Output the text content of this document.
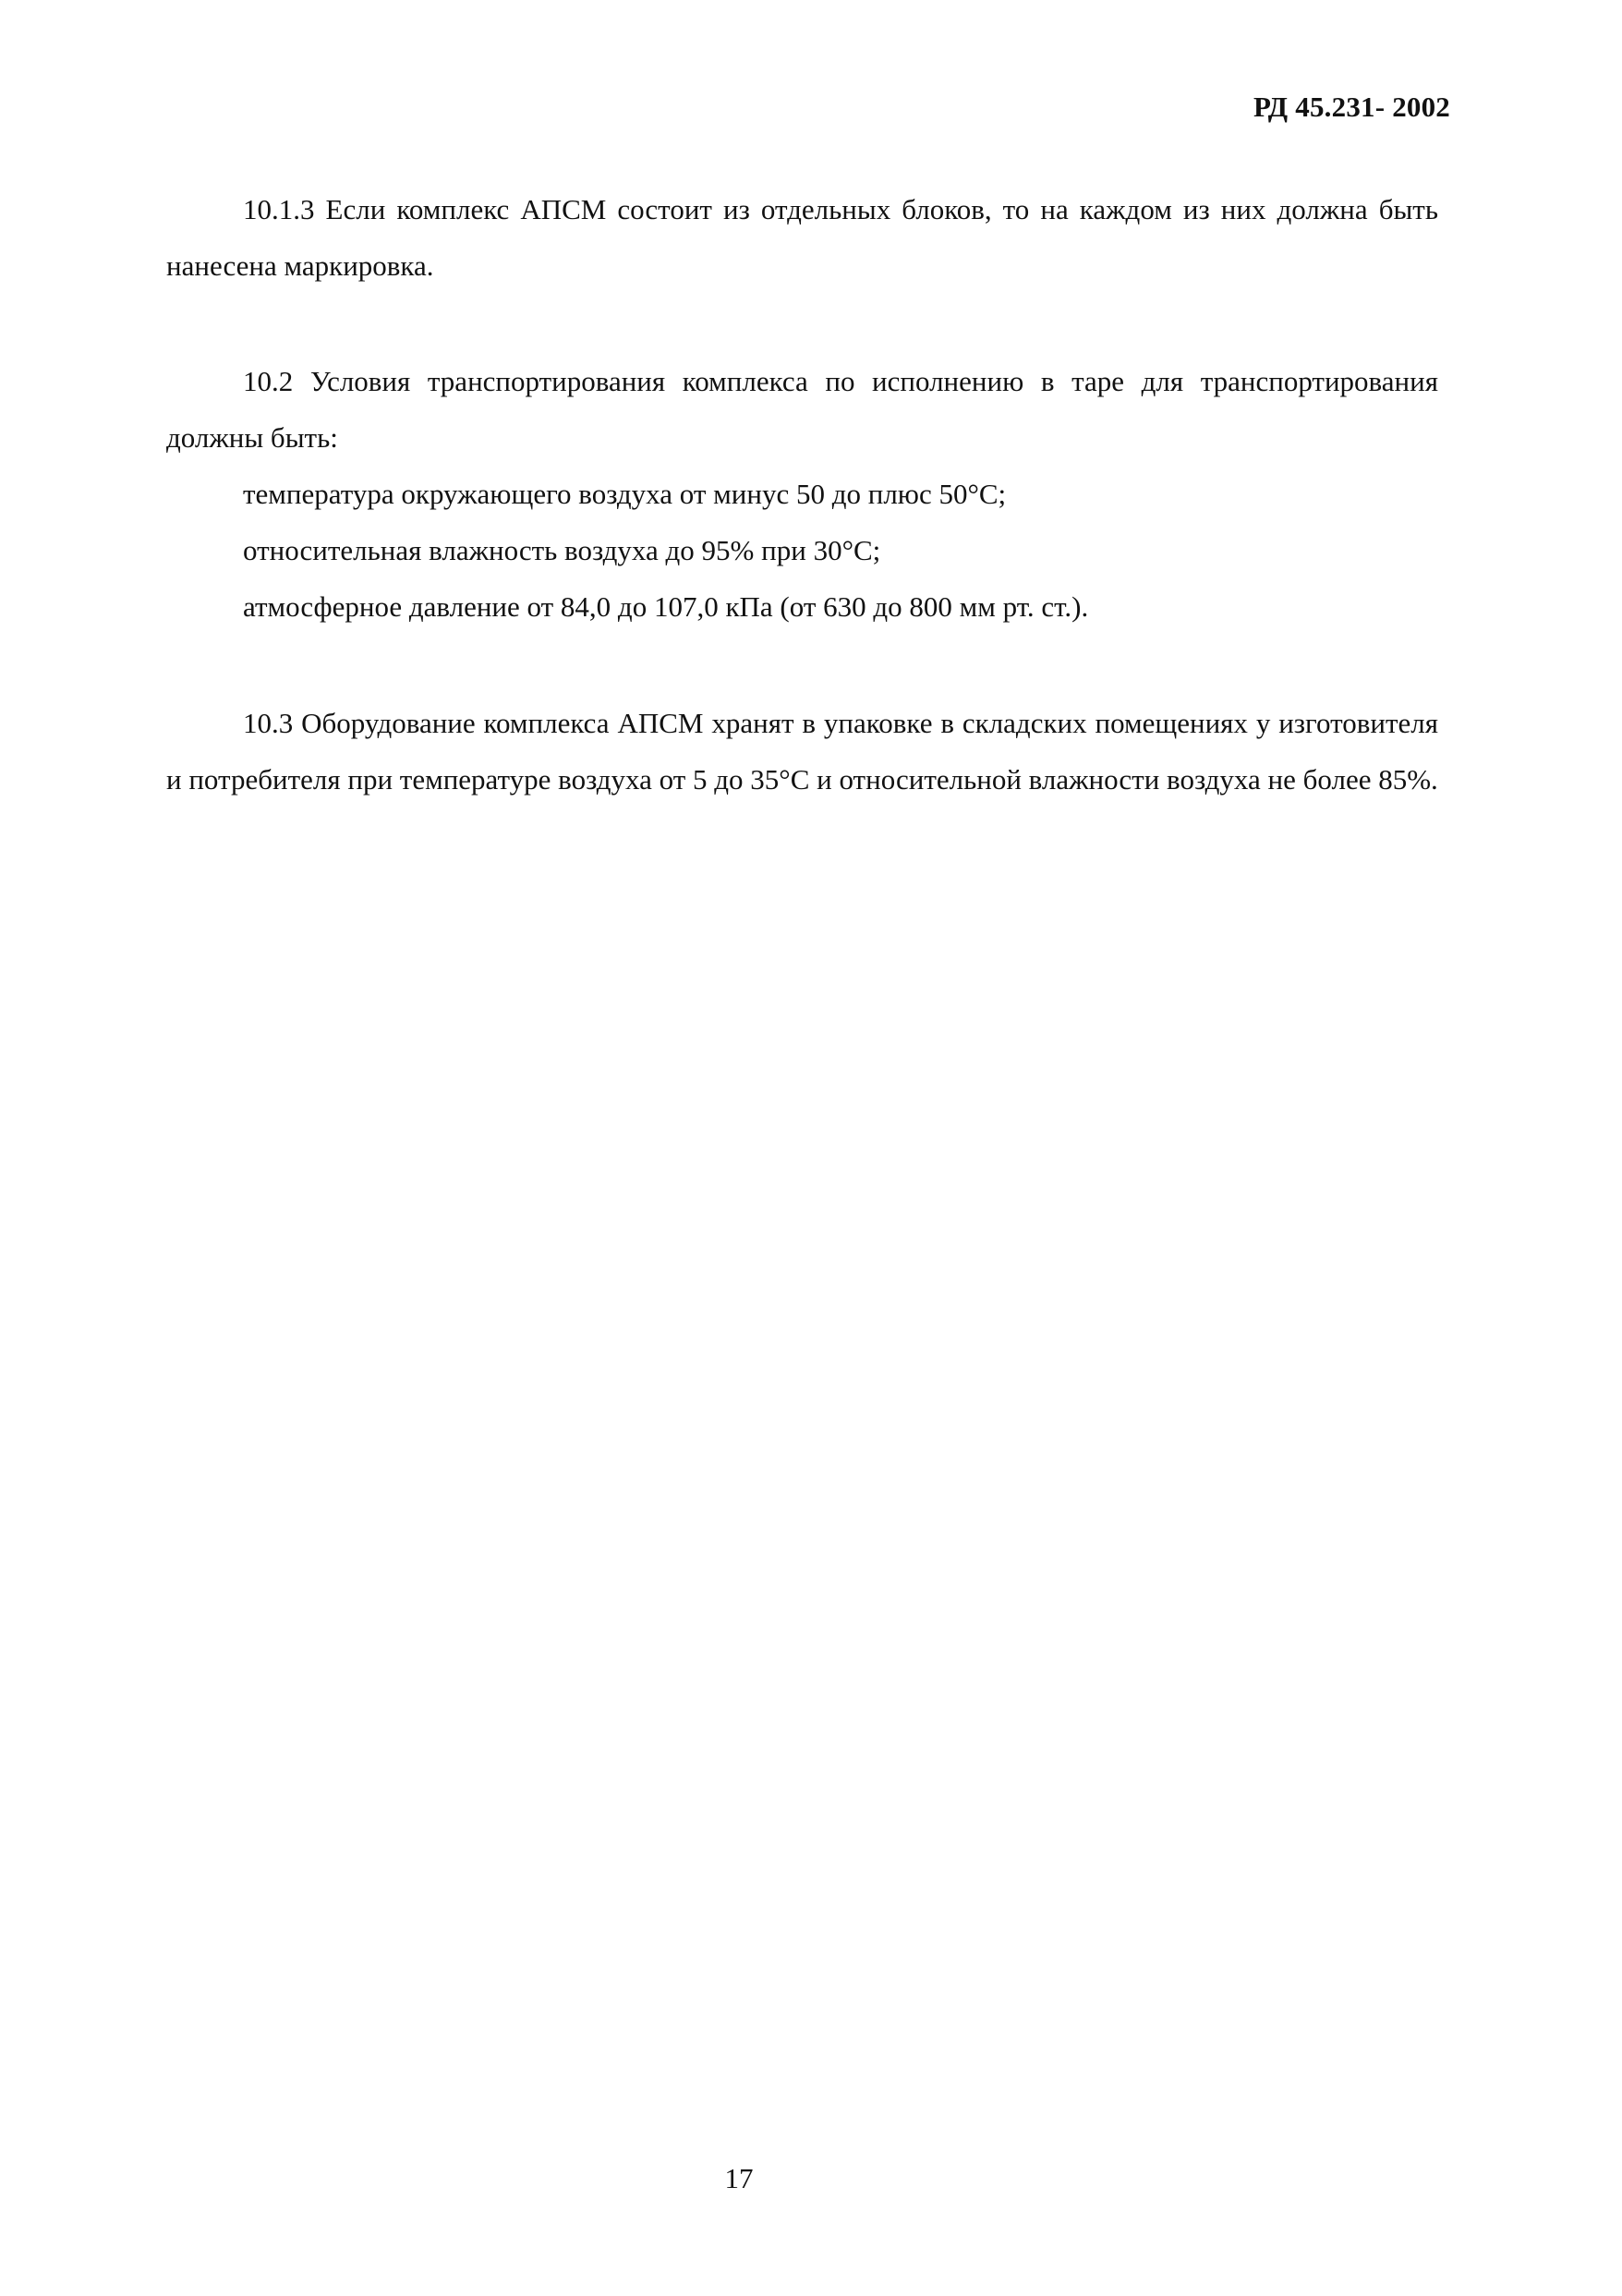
РД 45.231- 2002

10.1.3 Если комплекс АПСМ состоит из отдельных блоков, то на каждом из них должна быть нанесена маркировка.

10.2 Условия транспортирования комплекса по исполнению в таре для транспортирования должны быть:

температура окружающего воздуха от минус 50 до плюс 50°С;

относительная влажность воздуха до 95% при 30°С;

атмосферное давление от 84,0 до 107,0 кПа (от 630 до 800 мм рт. ст.).

10.3 Оборудование комплекса АПСМ хранят в упаковке в складских помещениях у изготовителя и потребителя при температуре воздуха от 5 до 35°С и относительной влажности воздуха не более 85%.

17
